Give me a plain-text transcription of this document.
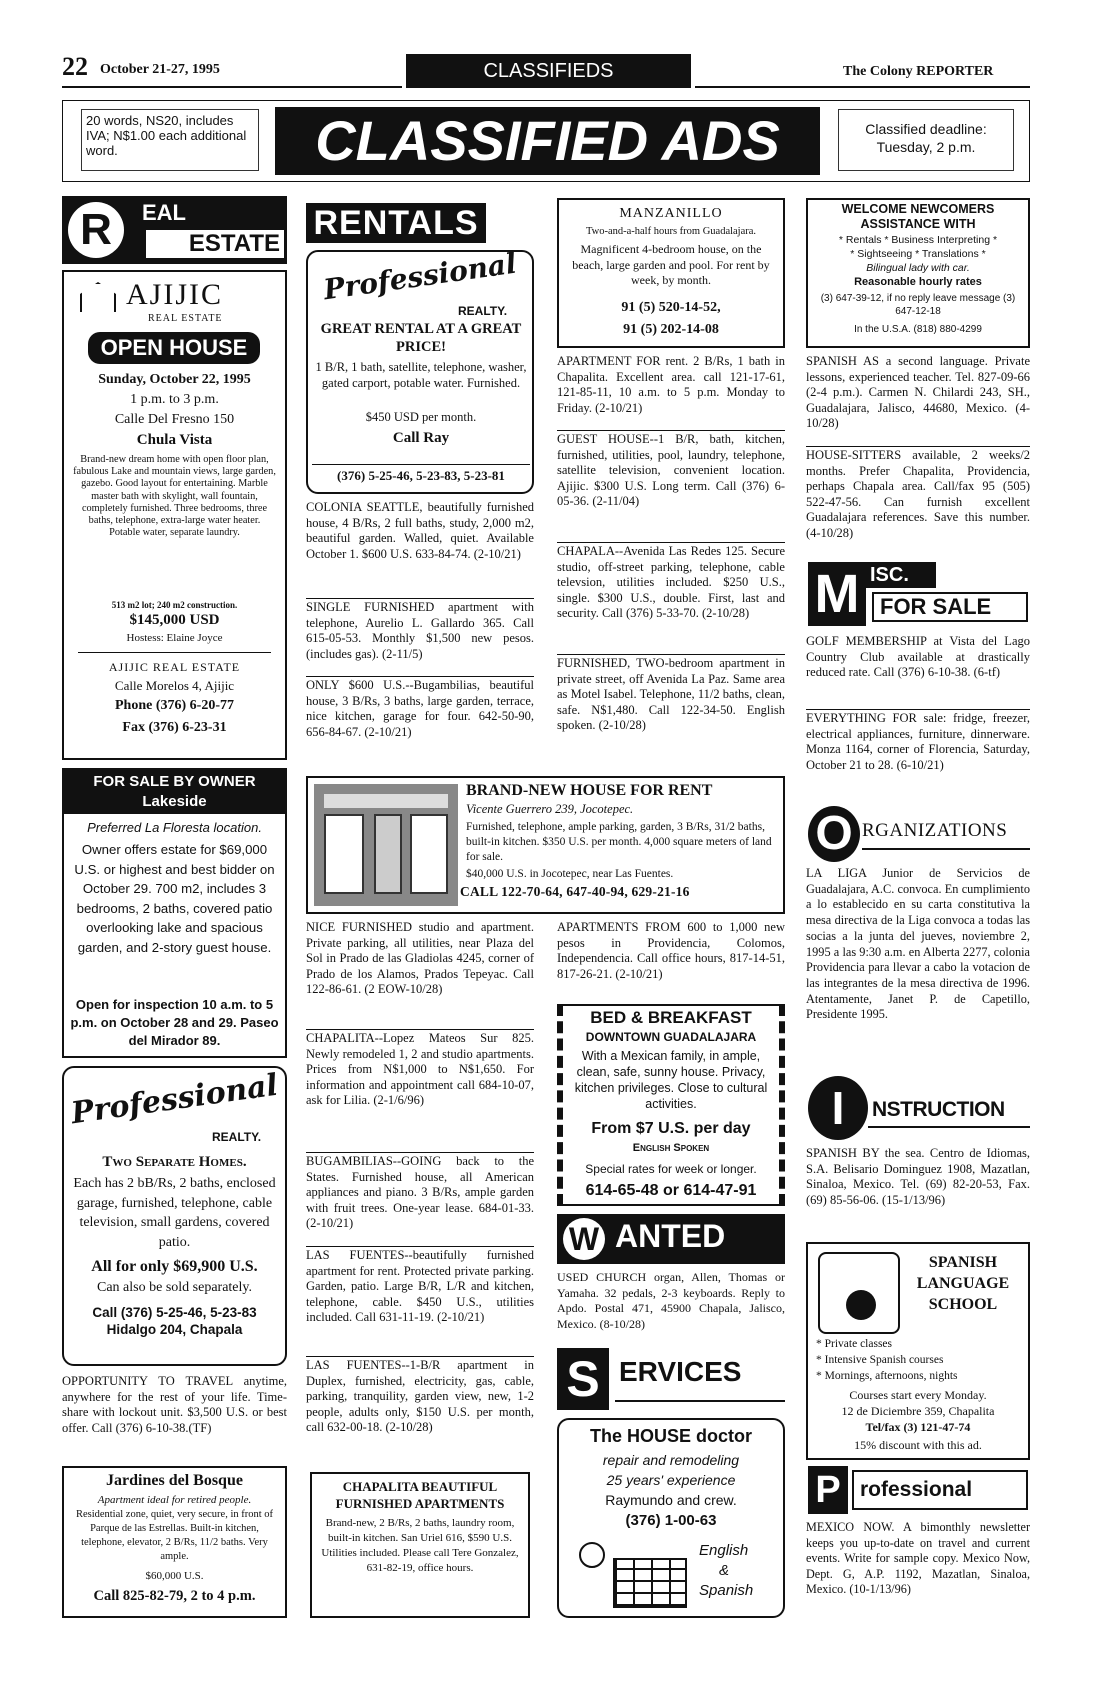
22 October 21-27, 1995	CLASSIFIEDS	The Colony REPORTER
20 words, NS20, includes IVA; N$1.00 each additional word.	CLASSIFIED ADS	Classified deadline:
Tuesday, 2 p.m.
R	EAL
ESTATE
AJIJIC
REAL ESTATE
OPEN HOUSE
Sunday, October 22, 1995
1 p.m. to 3 p.m.
Calle Del Fresno 150
Chula Vista
Brand-new dream home with open floor plan, fabulous Lake and mountain views, large garden, gazebo. Good layout for entertaining. Marble master bath with skylight, wall fountain, completely furnished. Three bedrooms, three baths, telephone, extra-large water heater. Potable water, separate laundry.
513 m2 lot; 240 m2 construction.
$145,000 USD
Hostess: Elaine Joyce
AJIJIC REAL ESTATE
Calle Morelos 4, Ajijic
Phone (376) 6-20-77
Fax (376) 6-23-31
FOR SALE BY OWNER
Lakeside
Preferred La Floresta location.
Owner offers estate for $69,000 U.S. or highest and best bidder on October 29. 700 m2, includes 3 bedrooms, 2 baths, covered patio overlooking lake and spacious garden, and 2-story guest house.
Open for inspection 10 a.m. to 5 p.m. on October 28 and 29. Paseo del Mirador 89.
Professional
REALTY.
Two Separate Homes.
Each has 2 bB/Rs, 2 baths, enclosed garage, furnished, telephone, cable television, small gardens, covered patio.
All for only $69,900 U.S.
Can also be sold separately.
Call (376) 5-25-46, 5-23-83 Hidalgo 204, Chapala
OPPORTUNITY TO TRAVEL anytime, anywhere for the rest of your life. Time-share with lockout unit. $3,500 U.S. or best offer. Call (376) 6-10-38.(TF)
Jardines del Bosque
Apartment ideal for retired people.
Residential zone, quiet, very secure, in front of Parque de las Estrellas. Built-in kitchen, telephone, elevator, 2 B/Rs, 11/2 baths. Very ample.
$60,000 U.S.
Call 825-82-79, 2 to 4 p.m.
RENTALS
Professional
REALTY.
GREAT RENTAL AT A GREAT PRICE!
1 B/R, 1 bath, satellite, telephone, washer, gated carport, potable water. Furnished.
$450 USD per month.
Call Ray
(376) 5-25-46, 5-23-83, 5-23-81
COLONIA SEATTLE, beautifully furnished house, 4 B/Rs, 2 full baths, study, 2,000 m2, beautiful garden. Walled, quiet. Available October 1. $600 U.S. 633-84-74. (2-10/21)
SINGLE FURNISHED apartment with telephone, Aurelio L. Gallardo 365. Call 615-05-53. Monthly $1,500 new pesos. (includes gas). (2-11/5)
ONLY $600 U.S.--Bugambilias, beautiful house, 3 B/Rs, 3 baths, large garden, terrace, nice kitchen, garage for four. 642-50-90, 656-84-67. (2-10/21)
BRAND-NEW HOUSE FOR RENT
Vicente Guerrero 239, Jocotepec.
Furnished, telephone, ample parking, garden, 3 B/Rs, 31/2 baths, built-in kitchen. $350 U.S. per month. 4,000 square meters of land for sale.
$40,000 U.S. in Jocotepec, near Las Fuentes.
CALL 122-70-64, 647-40-94, 629-21-16
NICE FURNISHED studio and apartment. Private parking, all utilities, near Plaza del Sol in Prado de las Gladiolas 4245, corner of Prado de los Alamos, Prados Tepeyac. Call 122-86-61. (2 EOW-10/28)
CHAPALITA--Lopez Mateos Sur 825. Newly remodeled 1, 2 and studio apartments. Prices from N$1,000 to N$1,650. For information and appointment call 684-10-07, ask for Lilia. (2-1/6/96)
BUGAMBILIAS--GOING back to the States. Furnished house, all American appliances and piano. 3 B/Rs, ample garden with fruit trees. One-year lease. 684-01-33. (2-10/21)
LAS FUENTES--beautifully furnished apartment for rent. Protected private parking. Garden, patio. Large B/R, L/R and kitchen, telephone, cable. $450 U.S., utilities included. Call 631-11-19. (2-10/21)
LAS FUENTES--1-B/R apartment in Duplex, furnished, electricity, gas, cable, parking, tranquility, garden view, new, 1-2 people, adults only, $150 U.S. per month, call 632-00-18. (2-10/28)
CHAPALITA BEAUTIFUL FURNISHED APARTMENTS
Brand-new, 2 B/Rs, 2 baths, laundry room, built-in kitchen. San Uriel 616, $590 U.S. Utilities included. Please call Tere Gonzalez, 631-82-19, office hours.
MANZANILLO
Two-and-a-half hours from Guadalajara.
Magnificent 4-bedroom house, on the beach, large garden and pool. For rent by week, by month.
91 (5) 520-14-52,
91 (5) 202-14-08
APARTMENT FOR rent. 2 B/Rs, 1 bath in Chapalita. Excellent area. call 121-17-61, 121-85-11, 10 a.m. to 5 p.m. Monday to Friday. (2-10/21)
GUEST HOUSE--1 B/R, bath, kitchen, furnished, utilities, pool, laundry, telephone, satellite television, convenient location. Ajijic. $300 U.S. Long term. Call (376) 6-05-36. (2-11/04)
CHAPALA--Avenida Las Redes 125. Secure studio, off-street parking, telephone, cable televsion, utilities included. $250 U.S., single. $300 U.S., double. First, last and security. Call (376) 5-33-70. (2-10/28)
FURNISHED, TWO-bedroom apartment in private street, off Avenida La Paz. Same area as Motel Isabel. Telephone, 11/2 baths, clean, safe. N$1,480. Call 122-34-50. English spoken. (2-10/28)
APARTMENTS FROM 600 to 1,000 new pesos in Providencia, Colomos, Independencia. Call office hours, 817-14-51, 817-26-21. (2-10/21)
BED & BREAKFAST
DOWNTOWN GUADALAJARA
With a Mexican family, in ample, clean, safe, sunny house. Privacy, kitchen privileges. Close to cultural activities.
From $7 U.S. per day
English Spoken
Special rates for week or longer.
614-65-48 or 614-47-91
W ANTED
USED CHURCH organ, Allen, Thomas or Yamaha. 32 pedals, 2-3 keyboards. Reply to Apdo. Postal 471, 45900 Chapala, Jalisco, Mexico. (8-10/28)
S ERVICES
The HOUSE doctor
repair and remodeling
25 years' experience
Raymundo and crew.
(376) 1-00-63
English
&
Spanish
WELCOME NEWCOMERS ASSISTANCE WITH
* Rentals * Business Interpreting *
* Sightseeing * Translations *
Bilingual lady with car.
Reasonable hourly rates
(3) 647-39-12, if no reply leave message (3) 647-12-18
In the U.S.A. (818) 880-4299
SPANISH AS a second language. Private lessons, experienced teacher. Tel. 827-09-66 (2-4 p.m.). Carmen N. Chilardi 243, SH., Guadalajara, Jalisco, 44680, Mexico. (4-10/28)
HOUSE-SITTERS available, 2 weeks/2 months. Prefer Chapalita, Providencia, perhaps Chapala area. Call/fax 95 (505) 522-47-56. Can furnish excellent Guadalajara references. Save this number. (4-10/28)
M ISC.
FOR SALE
GOLF MEMBERSHIP at Vista del Lago Country Club available at drastically reduced rate. Call (376) 6-10-38. (6-tf)
EVERYTHING FOR sale: fridge, freezer, electrical appliances, furniture, dinnerware. Monza 1164, corner of Florencia, Saturday, October 21 to 28. (6-10/21)
O RGANIZATIONS
LA LIGA Junior de Servicios de Guadalajara, A.C. convoca. En cumplimiento a lo establecido en su carta constitutiva la mesa directiva de la Liga convoca a todas las socias a la junta del jueves, noviembre 2, 1995 a las 9:30 a.m. en Alberta 2277, colonia Providencia para llevar a cabo la votacion de las integrantes de la mesa directiva de 1996. Atentamente, Janet P. de Capetillo, Presidente 1995.
I	NSTRUCTION
SPANISH BY the sea. Centro de Idiomas, S.A. Belisario Dominguez 1908, Mazatlan, Sinaloa, Mexico. Tel. (69) 82-20-53, Fax. (69) 85-56-06. (15-1/13/96)
SPANISH LANGUAGE SCHOOL
* Private classes
* Intensive Spanish courses
* Mornings, afternoons, nights
Courses start every Monday.
12 de Diciembre 359, Chapalita
Tel/fax (3) 121-47-74
15% discount with this ad.
P rofessional
MEXICO NOW. A bimonthly newsletter keeps you up-to-date on travel and current events. Write for sample copy. Mexico Now, Dept. G, A.P. 1192, Mazatlan, Sinaloa, Mexico. (10-1/13/96)
